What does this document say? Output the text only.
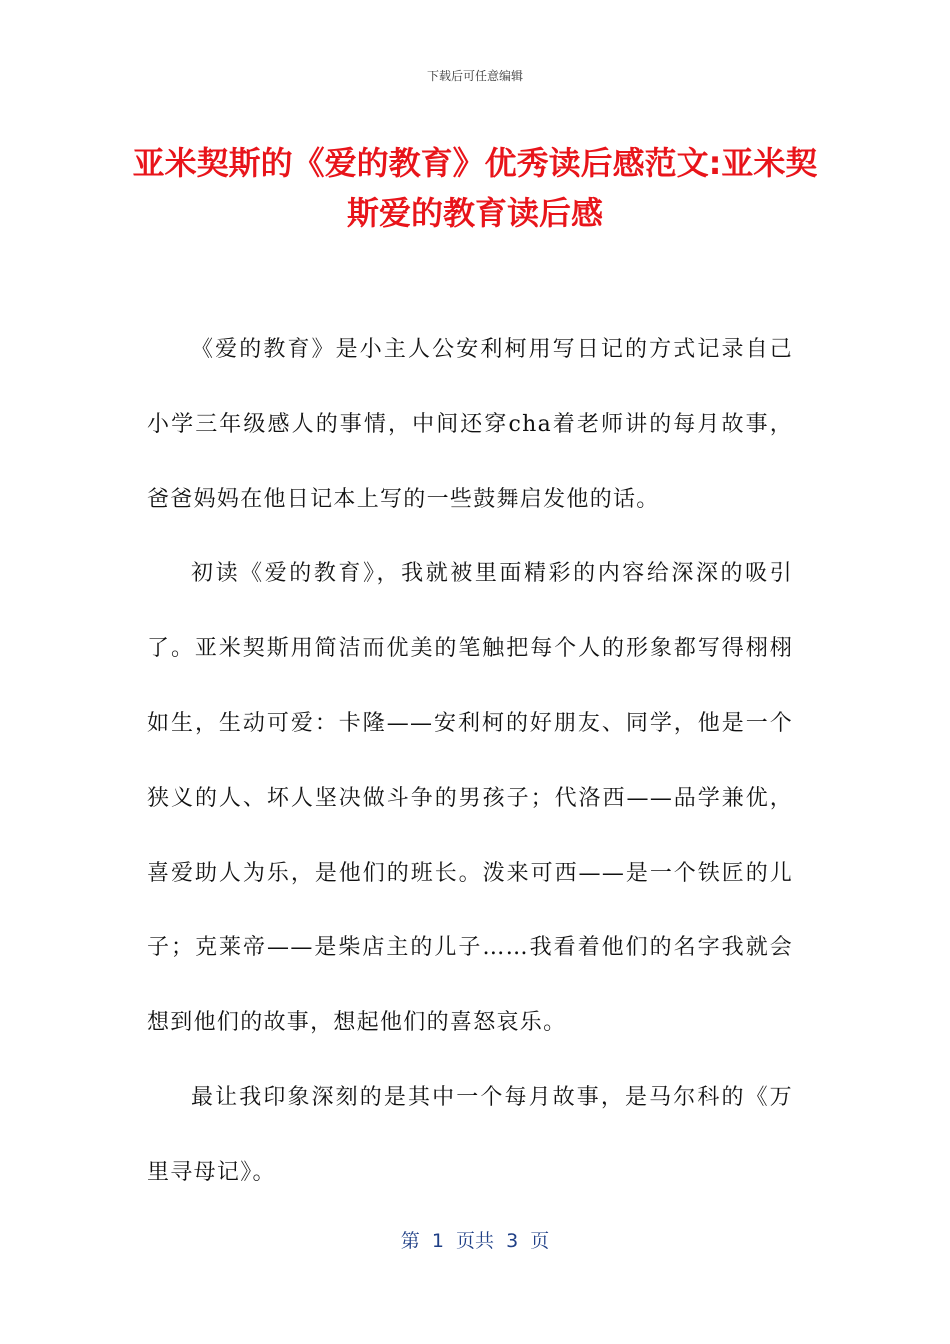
下载后可任意编辑
亚米契斯的《爱的教育》优秀读后感范文:亚米契斯爱的教育读后感

《爱的教育》是小主人公安利柯用写日记的方式记录自己小学三年级感人的事情，中间还穿cha着老师讲的每月故事，爸爸妈妈在他日记本上写的一些鼓舞启发他的话。

初读《爱的教育》，我就被里面精彩的内容给深深的吸引了。亚米契斯用简洁而优美的笔触把每个人的形象都写得栩栩如生，生动可爱：卡隆——安利柯的好朋友、同学，他是一个狭义的人、坏人坚决做斗争的男孩子；代洛西——品学兼优，喜爱助人为乐，是他们的班长。泼来可西——是一个铁匠的儿子；克莱帝——是柴店主的儿子……我看着他们的名字我就会想到他们的故事，想起他们的喜怒哀乐。

最让我印象深刻的是其中一个每月故事，是马尔科的《万里寻母记》。

第  1  页共  3  页
